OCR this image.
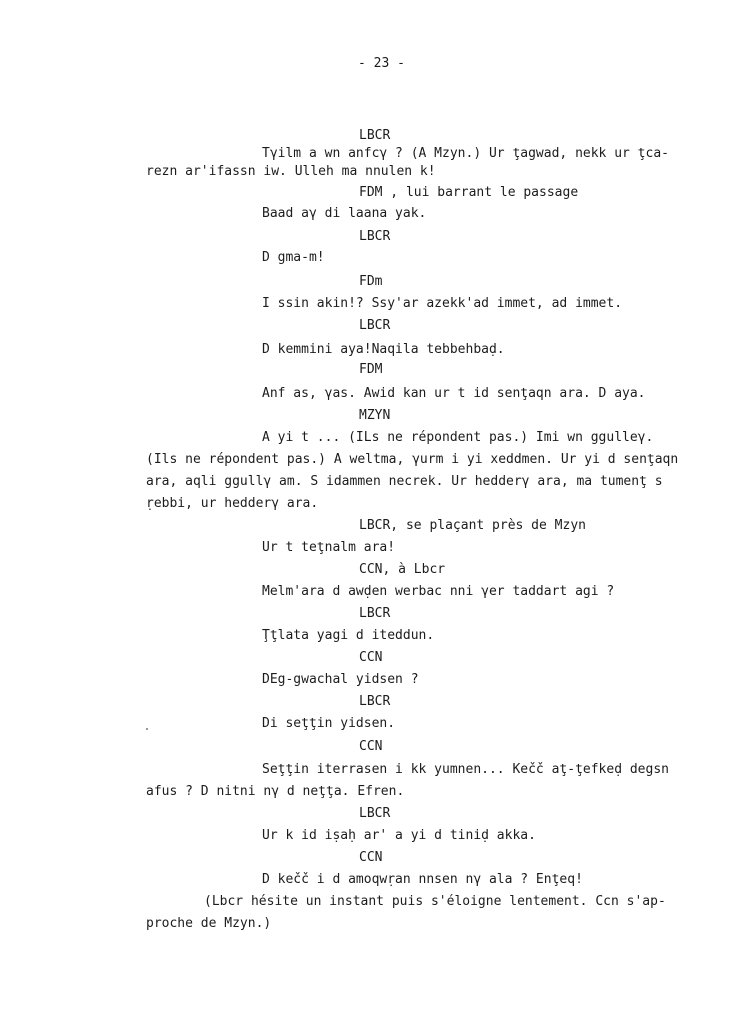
- 23 -
LBCR
Tγilm a wn anfcγ ? (A Mzyn.) Ur ţagwad, nekk ur ţca-
rezn ar'ifassn iw. Ulleh ma nnulen k!
FDM , lui barrant le passage
Baad aγ di laana yak.
LBCR
D gma-m!
FDm
I ssin akin!? Ssy'ar azekk'ad immet, ad immet.
LBCR
D kemmini aya!Naqila tebbehbaḍ.
FDM
Anf as, γas. Awid kan ur t id senţaqn ara. D aya.
MZYN
A yi t ... (ILs ne répondent pas.) Imi wn ggulleγ.
(Ils ne répondent pas.) A weltma, γurm i yi xeddmen. Ur yi d senţaqn
ara, aqli ggullγ am. S idammen necrek. Ur hedderγ ara, ma tumenţ s
ṛebbi, ur hedderγ ara.
LBCR, se plaçant près de Mzyn
Ur t teţnalm ara!
CCN, à Lbcr
Melm'ara d awḍen werbac nni γer taddart agi ?
LBCR
Ţţlata yagi d iteddun.
CCN
DEg-gwachal yidsen ?
LBCR
Di seţţin yidsen.
CCN
Seţţin iterrasen i kk yumnen... Kečč aţ-ţefkeḍ degsn
afus ? D nitni nγ d neţţa. Efren.
LBCR
Ur k id iṣaḥ ar' a yi d tiniḍ akka.
CCN
D kečč i d amoqwṛan nnsen nγ ala ? Enţeq!
(Lbcr hésite un instant puis s'éloigne lentement. Ccn s'ap-
proche de Mzyn.)
